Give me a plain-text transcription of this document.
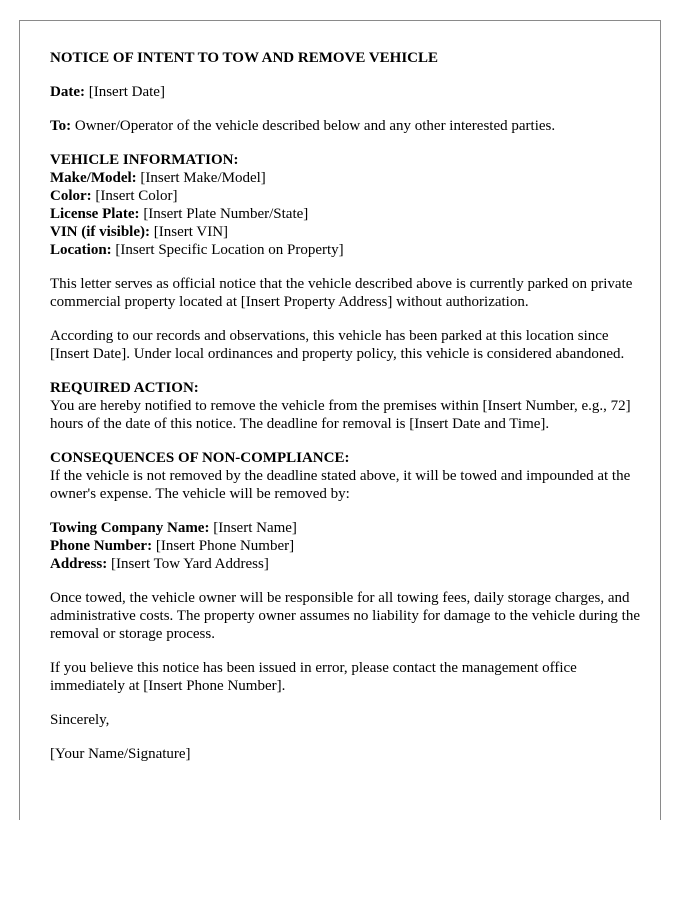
NOTICE OF INTENT TO TOW AND REMOVE VEHICLE

Date: [Insert Date]

To: Owner/Operator of the vehicle described below and any other interested parties.

VEHICLE INFORMATION:
Make/Model: [Insert Make/Model]
Color: [Insert Color]
License Plate: [Insert Plate Number/State]
VIN (if visible): [Insert VIN]
Location: [Insert Specific Location on Property]

This letter serves as official notice that the vehicle described above is currently parked on private commercial property located at [Insert Property Address] without authorization.

According to our records and observations, this vehicle has been parked at this location since [Insert Date]. Under local ordinances and property policy, this vehicle is considered abandoned.

REQUIRED ACTION:
You are hereby notified to remove the vehicle from the premises within [Insert Number, e.g., 72] hours of the date of this notice. The deadline for removal is [Insert Date and Time].
CONSEQUENCES OF NON-COMPLIANCE:
If the vehicle is not removed by the deadline stated above, it will be towed and impounded at the owner's expense. The vehicle will be removed by:
Towing Company Name: [Insert Name]
Phone Number: [Insert Phone Number]
Address: [Insert Tow Yard Address]

Once towed, the vehicle owner will be responsible for all towing fees, daily storage charges, and administrative costs. The property owner assumes no liability for damage to the vehicle during the removal or storage process.

If you believe this notice has been issued in error, please contact the management office immediately at [Insert Phone Number].

Sincerely,

[Your Name/Signature]
